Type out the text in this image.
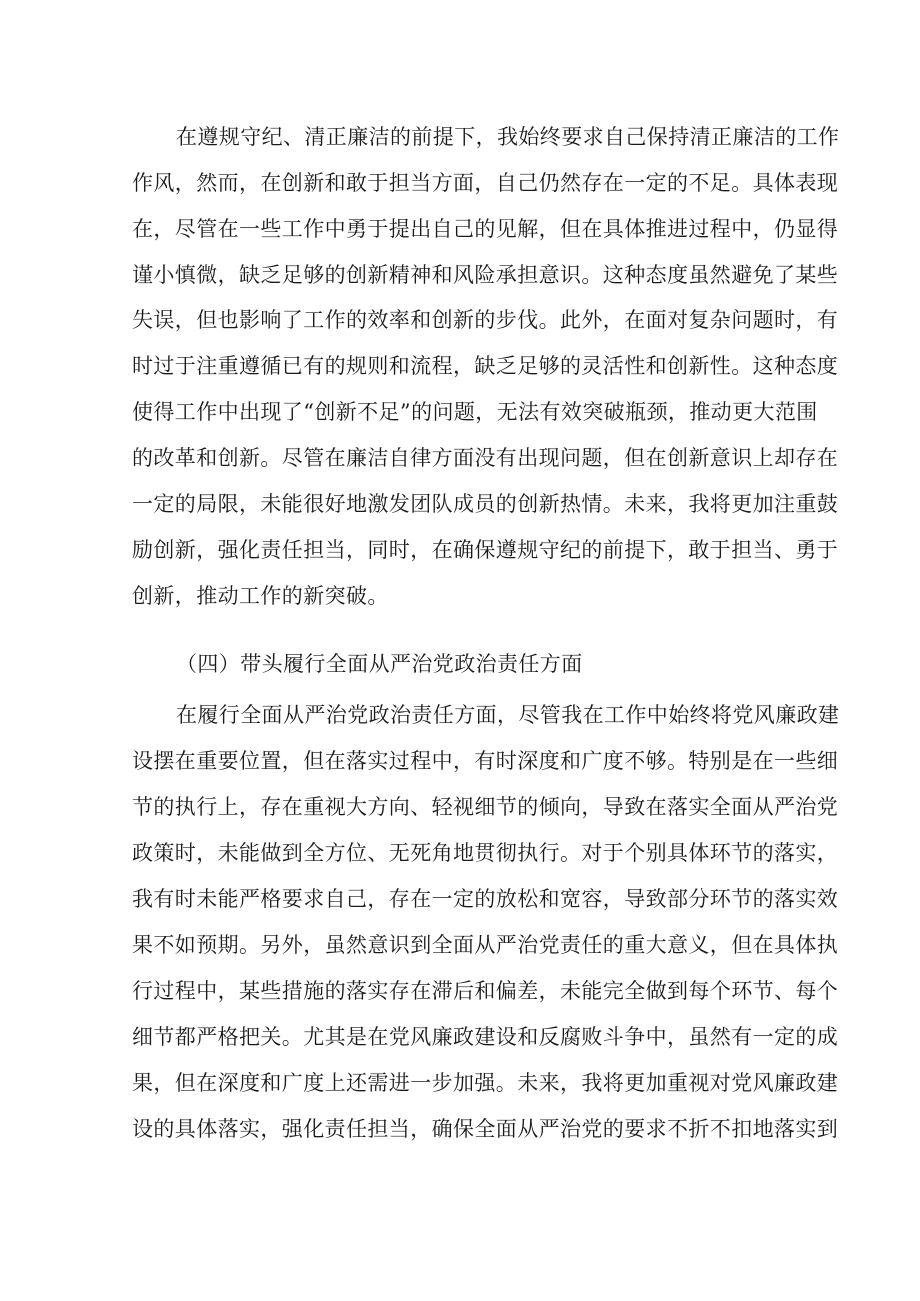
在遵规守纪、清正廉洁的前提下，我始终要求自己保持清正廉洁的工作
作风，然而，在创新和敢于担当方面，自己仍然存在一定的不足。具体表现
在，尽管在一些工作中勇于提出自己的见解，但在具体推进过程中，仍显得
谨小慎微，缺乏足够的创新精神和风险承担意识。这种态度虽然避免了某些
失误，但也影响了工作的效率和创新的步伐。此外，在面对复杂问题时，有
时过于注重遵循已有的规则和流程，缺乏足够的灵活性和创新性。这种态度
使得工作中出现了“创新不足”的问题，无法有效突破瓶颈，推动更大范围
的改革和创新。尽管在廉洁自律方面没有出现问题，但在创新意识上却存在
一定的局限，未能很好地激发团队成员的创新热情。未来，我将更加注重鼓
励创新，强化责任担当，同时，在确保遵规守纪的前提下，敢于担当、勇于
创新，推动工作的新突破。
（四）带头履行全面从严治党政治责任方面
在履行全面从严治党政治责任方面，尽管我在工作中始终将党风廉政建
设摆在重要位置，但在落实过程中，有时深度和广度不够。特别是在一些细
节的执行上，存在重视大方向、轻视细节的倾向，导致在落实全面从严治党
政策时，未能做到全方位、无死角地贯彻执行。对于个别具体环节的落实，
我有时未能严格要求自己，存在一定的放松和宽容，导致部分环节的落实效
果不如预期。另外，虽然意识到全面从严治党责任的重大意义，但在具体执
行过程中，某些措施的落实存在滞后和偏差，未能完全做到每个环节、每个
细节都严格把关。尤其是在党风廉政建设和反腐败斗争中，虽然有一定的成
果，但在深度和广度上还需进一步加强。未来，我将更加重视对党风廉政建
设的具体落实，强化责任担当，确保全面从严治党的要求不折不扣地落实到
